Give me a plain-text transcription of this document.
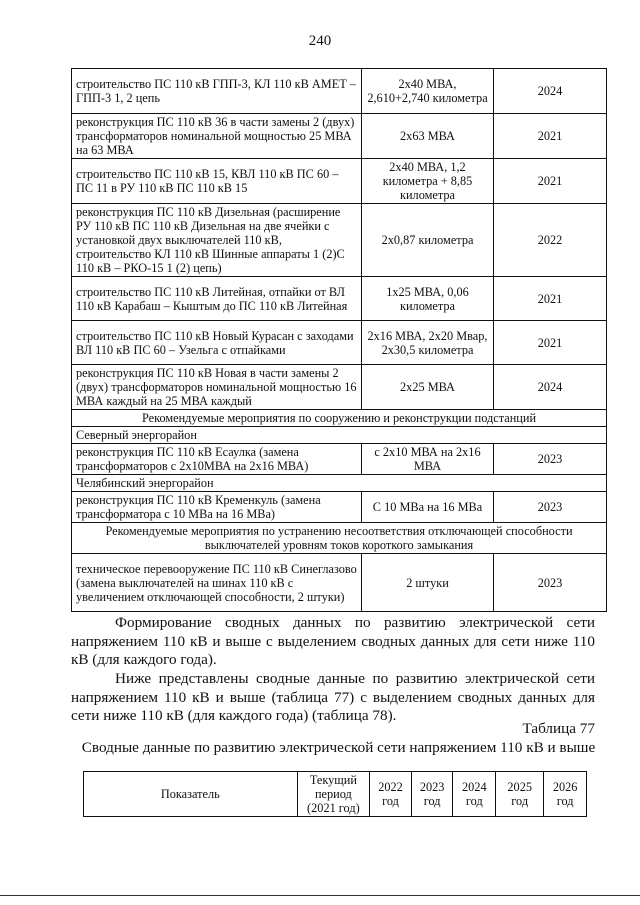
240
строительство ПС 110 кВ ГПП-3, КЛ 110 кВ АМЕТ – ГПП-3 1, 2 цепь	2х40 МВА, 2,610+2,740 километра	2024
реконструкция ПС 110 кВ 36 в части замены 2 (двух) трансформаторов номинальной мощностью 25 МВА на 63 МВА	2х63 МВА	2021
строительство ПС 110 кВ 15, КВЛ 110 кВ ПС 60 – ПС 11 в РУ 110 кВ ПС 110 кВ 15	2х40 МВА, 1,2 километра + 8,85 километра	2021
реконструкция ПС 110 кВ Дизельная (расширение РУ 110 кВ ПС 110 кВ Дизельная на две ячейки с установкой двух выключателей 110 кВ, строительство КЛ 110 кВ Шинные аппараты 1 (2)С 110 кВ – РКО-15 1 (2) цепь)	2х0,87 километра	2022
строительство ПС 110 кВ Литейная, отпайки от ВЛ 110 кВ Карабаш – Кыштым до ПС 110 кВ Литейная	1х25 МВА, 0,06 километра	2021
строительство ПС 110 кВ Новый Курасан с заходами ВЛ 110 кВ ПС 60 – Узельга с отпайками	2х16 МВА, 2х20 Мвар, 2х30,5 километра	2021
реконструкция ПС 110 кВ Новая в части замены 2 (двух) трансформаторов номинальной мощностью 16 МВА каждый на 25 МВА каждый	2х25 МВА	2024
Рекомендуемые мероприятия по сооружению и реконструкции подстанций		
Северный энергорайон		
реконструкция ПС 110 кВ Есаулка (замена трансформаторов с 2х10МВА на 2х16 МВА)	с 2х10 МВА на 2х16 МВА	2023
Челябинский энергорайон		
реконструкция ПС 110 кВ Кременкуль (замена трансформатора с 10 МВа на 16 МВа)	С 10 МВа на 16 МВа	2023
Рекомендуемые мероприятия по устранению несоответствия отключающей способности выключателей уровням токов короткого замыкания		
техническое перевооружение ПС 110 кВ Синеглазово (замена выключателей на шинах 110 кВ с увеличением отключающей способности, 2 штуки)	2 штуки	2023

Формирование сводных данных по развитию электрической сети напряжением 110 кВ и выше с выделением сводных данных для сети ниже 110 кВ (для каждого года).

Ниже представлены сводные данные по развитию электрической сети напряжением 110 кВ и выше (таблица 77) с выделением сводных данных для сети ниже 110 кВ (для каждого года) (таблица 78).

Таблица 77
Сводные данные по развитию электрической сети напряжением 110 кВ и выше
Показатель	Текущий период (2021 год)	2022 год	2023 год	2024 год	2025 год	2026 год
